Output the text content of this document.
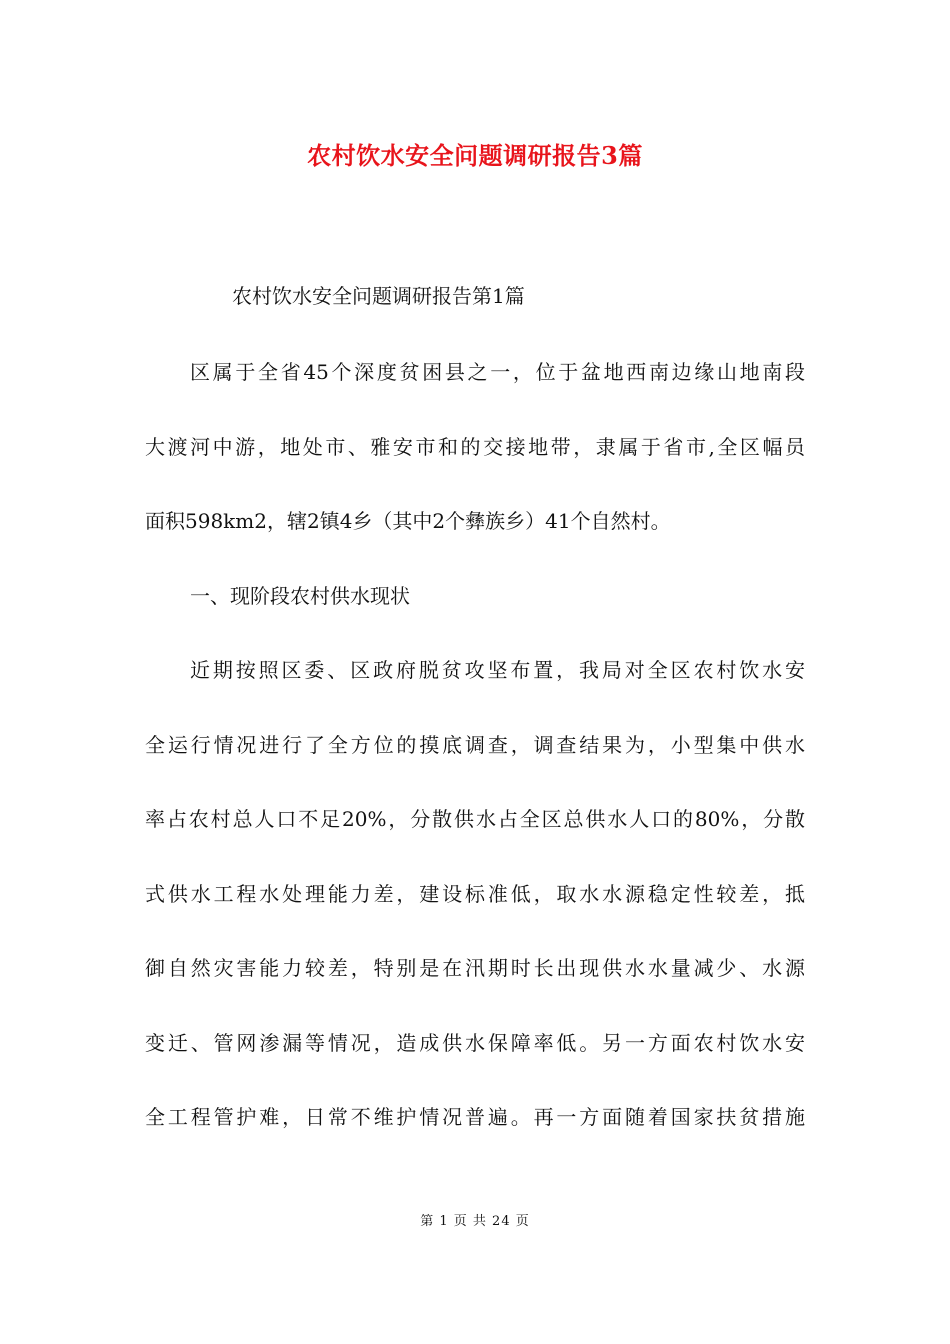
农村饮水安全问题调研报告3篇

农村饮水安全问题调研报告第1篇

区属于全省45个深度贫困县之一，位于盆地西南边缘山地南段

大渡河中游，地处市、雅安市和的交接地带，隶属于省市,全区幅员

面积598km2，辖2镇4乡（其中2个彝族乡）41个自然村。

一、现阶段农村供水现状

近期按照区委、区政府脱贫攻坚布置，我局对全区农村饮水安

全运行情况进行了全方位的摸底调查，调查结果为，小型集中供水

率占农村总人口不足20%，分散供水占全区总供水人口的80%，分散

式供水工程水处理能力差，建设标准低，取水水源稳定性较差，抵

御自然灾害能力较差，特别是在汛期时长出现供水水量减少、水源

变迁、管网渗漏等情况，造成供水保障率低。另一方面农村饮水安

全工程管护难，日常不维护情况普遍。再一方面随着国家扶贫措施

第 1 页 共 24 页
